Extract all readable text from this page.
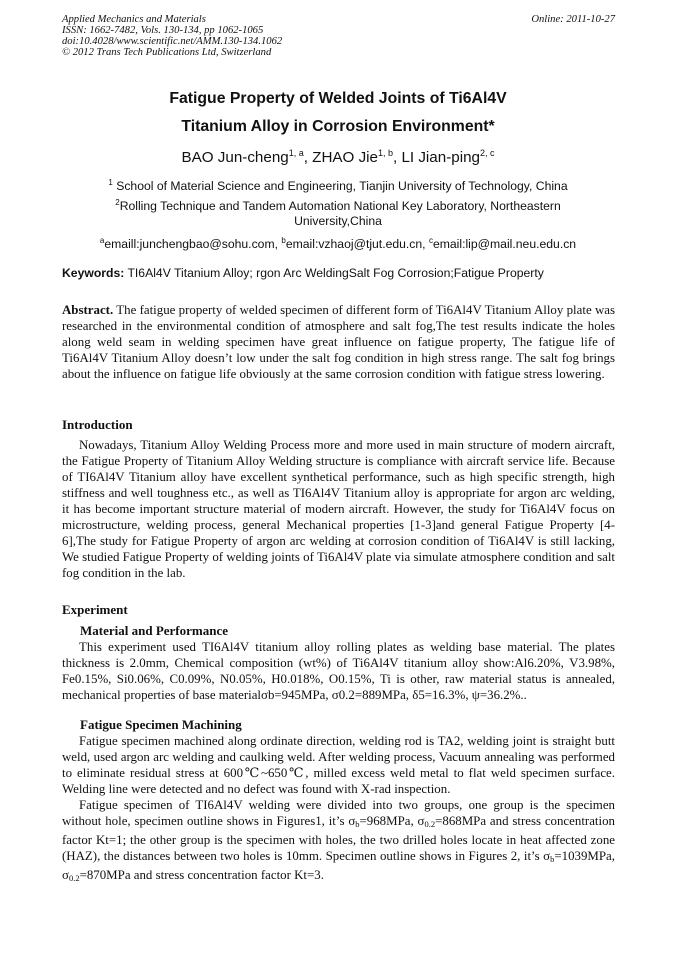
Applied Mechanics and Materials
ISSN: 1662-7482, Vols. 130-134, pp 1062-1065
doi:10.4028/www.scientific.net/AMM.130-134.1062
© 2012 Trans Tech Publications Ltd, Switzerland
Online: 2011-10-27
Fatigue Property of Welded Joints of Ti6Al4V
Titanium Alloy in Corrosion Environment*
BAO Jun-cheng$^{1, a}$, ZHAO Jie$^{1, b}$, LI Jian-ping$^{2, c}$
$^1$ School of Material Science and Engineering, Tianjin University of Technology, China
$^2$Rolling Technique and Tandem Automation National Key Laboratory, Northeastern University,China
$^a$emaill:junchengbao@sohu.com, $^b$email:vzhaoj@tjut.edu.cn, $^c$email:lip@mail.neu.edu.cn
Keywords: TI6Al4V Titanium Alloy; rgon Arc WeldingSalt Fog Corrosion;Fatigue Property
Abstract. The fatigue property of welded specimen of different form of Ti6Al4V Titanium Alloy plate was researched in the environmental condition of atmosphere and salt fog,The test results indicate the holes along weld seam in welding specimen have great influence on fatigue property, The fatigue life of Ti6Al4V Titanium Alloy doesn’t low under the salt fog condition in high stress range. The salt fog brings about the influence on fatigue life obviously at the same corrosion condition with fatigue stress lowering.
Introduction
Nowadays, Titanium Alloy Welding Process more and more used in main structure of modern aircraft, the Fatigue Property of Titanium Alloy Welding structure is compliance with aircraft service life. Because of TI6Al4V Titanium alloy have excellent synthetical performance, such as high specific strength, high stiffness and well toughness etc., as well as TI6Al4V Titanium alloy is appropriate for argon arc welding, it has become important structure material of modern aircraft. However, the study for Ti6Al4V focus on microstructure, welding process, general Mechanical properties [1-3]and general Fatigue Property [4-6],The study for Fatigue Property of argon arc welding at corrosion condition of Ti6Al4V is still lacking, We studied Fatigue Property of welding joints of Ti6Al4V plate via simulate atmosphere condition and salt fog condition in the lab.
Experiment
Material and Performance
This experiment used TI6Al4V titanium alloy rolling plates as welding base material. The plates thickness is 2.0mm, Chemical composition (wt%) of Ti6Al4V titanium alloy show:Al6.20%, V3.98%, Fe0.15%, Si0.06%, C0.09%, N0.05%, H0.018%, O0.15%, Ti is other, raw material status is annealed, mechanical properties of base materialσb=945MPa, σ0.2=889MPa, δ5=16.3%, ψ=36.2%..
Fatigue Specimen Machining
Fatigue specimen machined along ordinate direction, welding rod is TA2, welding joint is straight butt weld, used argon arc welding and caulking weld. After welding process, Vacuum annealing was performed to eliminate residual stress at 600℃~650℃, milled excess weld metal to flat weld specimen surface. Welding line were detected and no defect was found with X-rad inspection.
Fatigue specimen of TI6Al4V welding were divided into two groups, one group is the specimen without hole, specimen outline shows in Figures1, it’s $\sigma_b=968MPa$, $\sigma_{0.2}=868MPa$ and stress concentration factor Kt=1; the other group is the specimen with holes, the two drilled holes locate in heat affected zone (HAZ), the distances between two holes is 10mm. Specimen outline shows in Figures 2, it’s $\sigma_b=1039MPa$, $\sigma_{0.2}=870MPa$ and stress concentration factor Kt=3.
